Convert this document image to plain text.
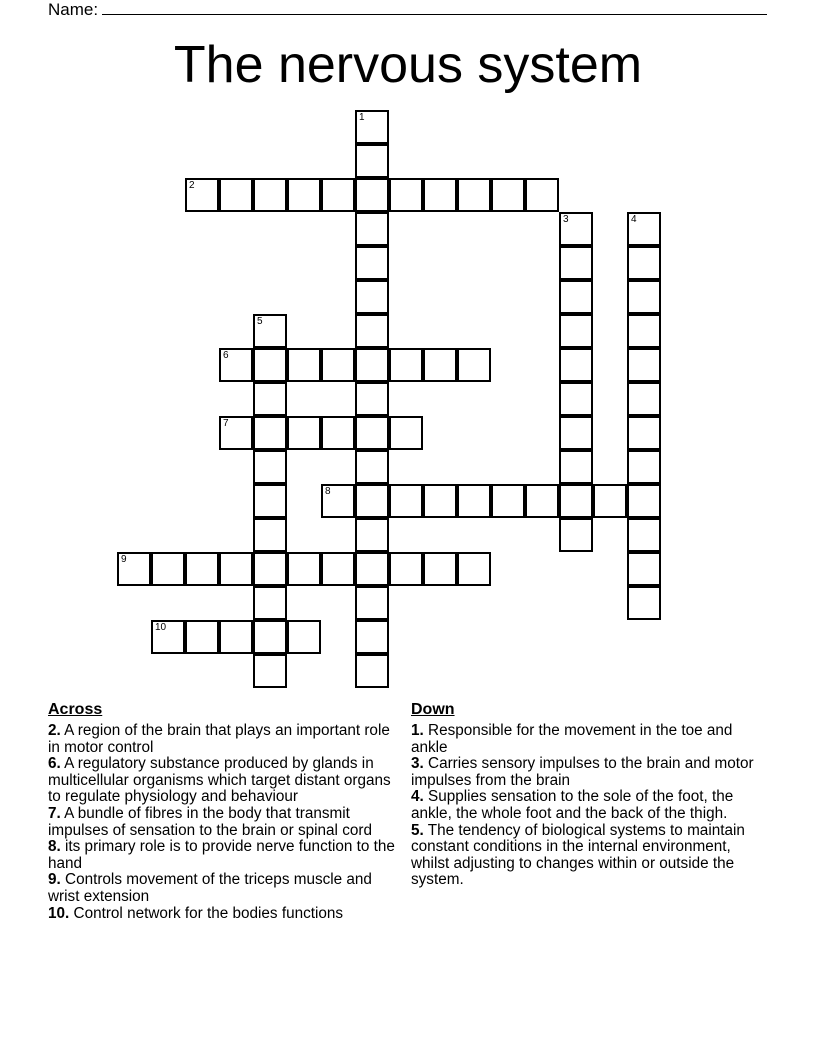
Name:
The nervous system
1
2
3	4
5
6
7
8
9
10
Across

2. A region of the brain that plays an important role in motor control

6. A regulatory substance produced by glands in multicellular organisms which target distant organs to regulate physiology and behaviour

7. A bundle of fibres in the body that transmit impulses of sensation to the brain or spinal cord

8. its primary role is to provide nerve function to the hand

9. Controls movement of the triceps muscle and wrist extension

10. Control network for the bodies functions

Down

1. Responsible for the movement in the toe and ankle

3. Carries sensory impulses to the brain and motor impulses from the brain

4. Supplies sensation to the sole of the foot, the ankle, the whole foot and the back of the thigh.

5. The tendency of biological systems to maintain constant conditions in the internal environment, whilst adjusting to changes within or outside the system.
